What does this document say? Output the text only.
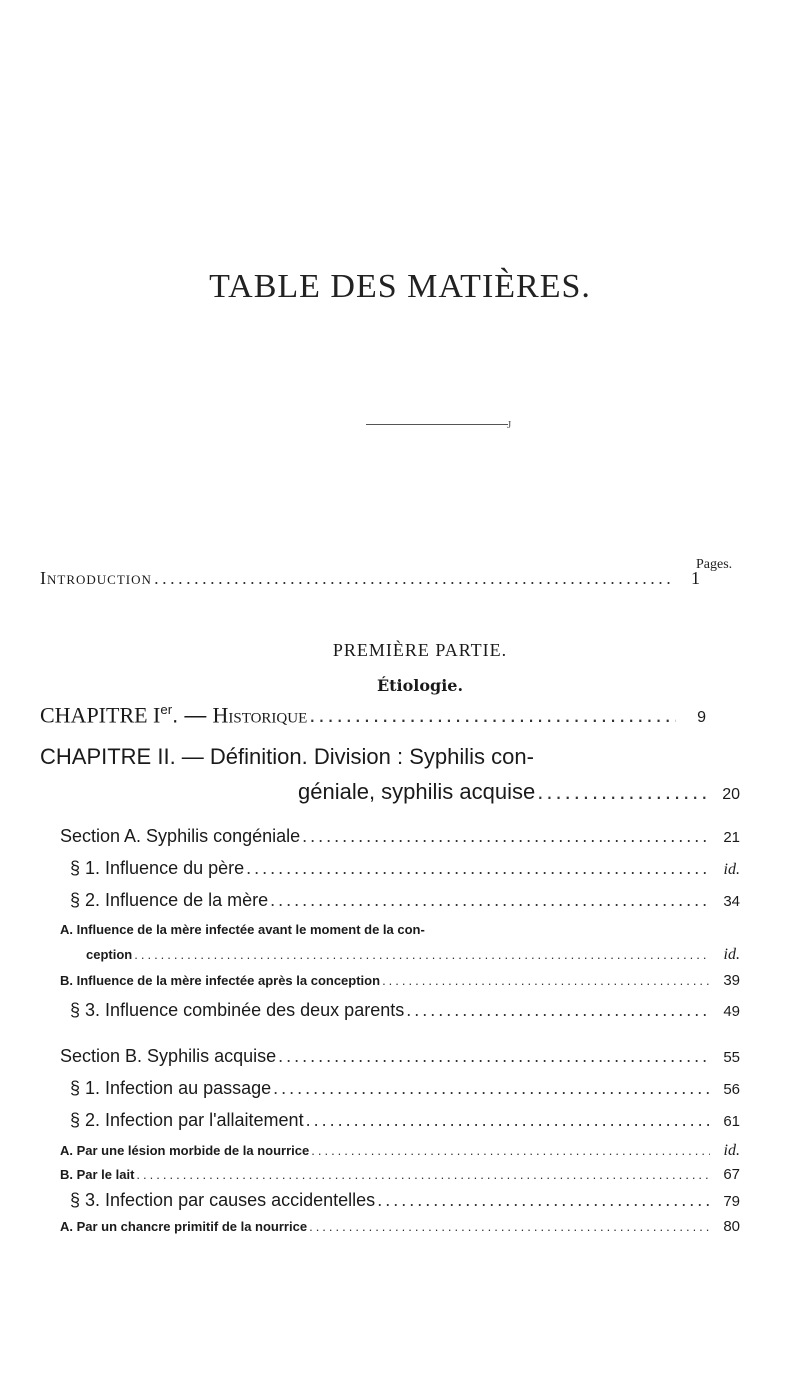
TABLE DES MATIÈRES.
J
Pages.
Introduction .....	1
PREMIÈRE PARTIE.
Étiologie.
CHAPITRE Ier. — Historique .....	9
CHAPITRE II. — Définition. Division : Syphilis con-
géniale, syphilis acquise .....	20
Section A. Syphilis congéniale .....	21
§ 1. Influence du père .....	id.
§ 2. Influence de la mère .....	34
A. Influence de la mère infectée avant le moment de la con-
ception .....	id.
B. Influence de la mère infectée après la conception .....	39
§ 3. Influence combinée des deux parents .....	49
Section B. Syphilis acquise .....	55
§ 1. Infection au passage .....	56
§ 2. Infection par l'allaitement .....	61
A. Par une lésion morbide de la nourrice .....	id.
B. Par le lait .....	67
§ 3. Infection par causes accidentelles .....	79
A. Par un chancre primitif de la nourrice .....	80
